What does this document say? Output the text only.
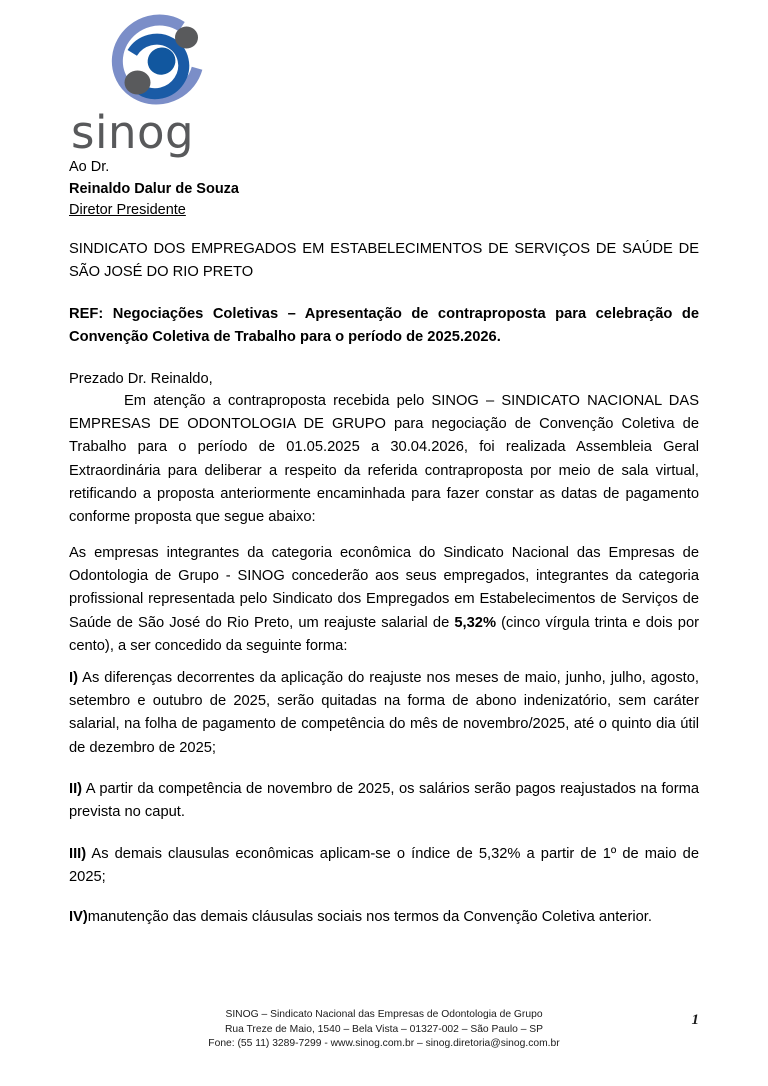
sinog
Ao Dr.
Reinaldo Dalur de Souza
Diretor Presidente
SINDICATO DOS EMPREGADOS EM ESTABELECIMENTOS DE SERVIÇOS DE SAÚDE DE SÃO JOSÉ DO RIO PRETO
REF: Negociações Coletivas – Apresentação de contraproposta para celebração de Convenção Coletiva de Trabalho para o período de 2025.2026.
Prezado Dr. Reinaldo,
Em atenção a contraproposta recebida pelo SINOG – SINDICATO NACIONAL DAS EMPRESAS DE ODONTOLOGIA DE GRUPO para negociação de Convenção Coletiva de Trabalho para o período de 01.05.2025 a 30.04.2026, foi realizada Assembleia Geral Extraordinária para deliberar a respeito da referida contraproposta por meio de sala virtual, retificando a proposta anteriormente encaminhada para fazer constar as datas de pagamento conforme proposta que segue abaixo:
As empresas integrantes da categoria econômica do Sindicato Nacional das Empresas de Odontologia de Grupo - SINOG concederão aos seus empregados, integrantes da categoria profissional representada pelo Sindicato dos Empregados em Estabelecimentos de Serviços de Saúde de São José do Rio Preto, um reajuste salarial de 5,32% (cinco vírgula trinta e dois por cento), a ser concedido da seguinte forma:
I) As diferenças decorrentes da aplicação do reajuste nos meses de maio, junho, julho, agosto, setembro e outubro de 2025, serão quitadas na forma de abono indenizatório, sem caráter salarial, na folha de pagamento de competência do mês de novembro/2025, até o quinto dia útil de dezembro de 2025;
II) A partir da competência de novembro de 2025, os salários serão pagos reajustados na forma prevista no caput.
III) As demais clausulas econômicas aplicam-se o índice de 5,32% a partir de 1º de maio de 2025;
IV)manutenção das demais cláusulas sociais nos termos da Convenção Coletiva anterior.
SINOG – Sindicato Nacional das Empresas de Odontologia de Grupo
Rua Treze de Maio, 1540 – Bela Vista – 01327-002 – São Paulo – SP
Fone: (55 11) 3289-7299 - www.sinog.com.br – sinog.diretoria@sinog.com.br
1
